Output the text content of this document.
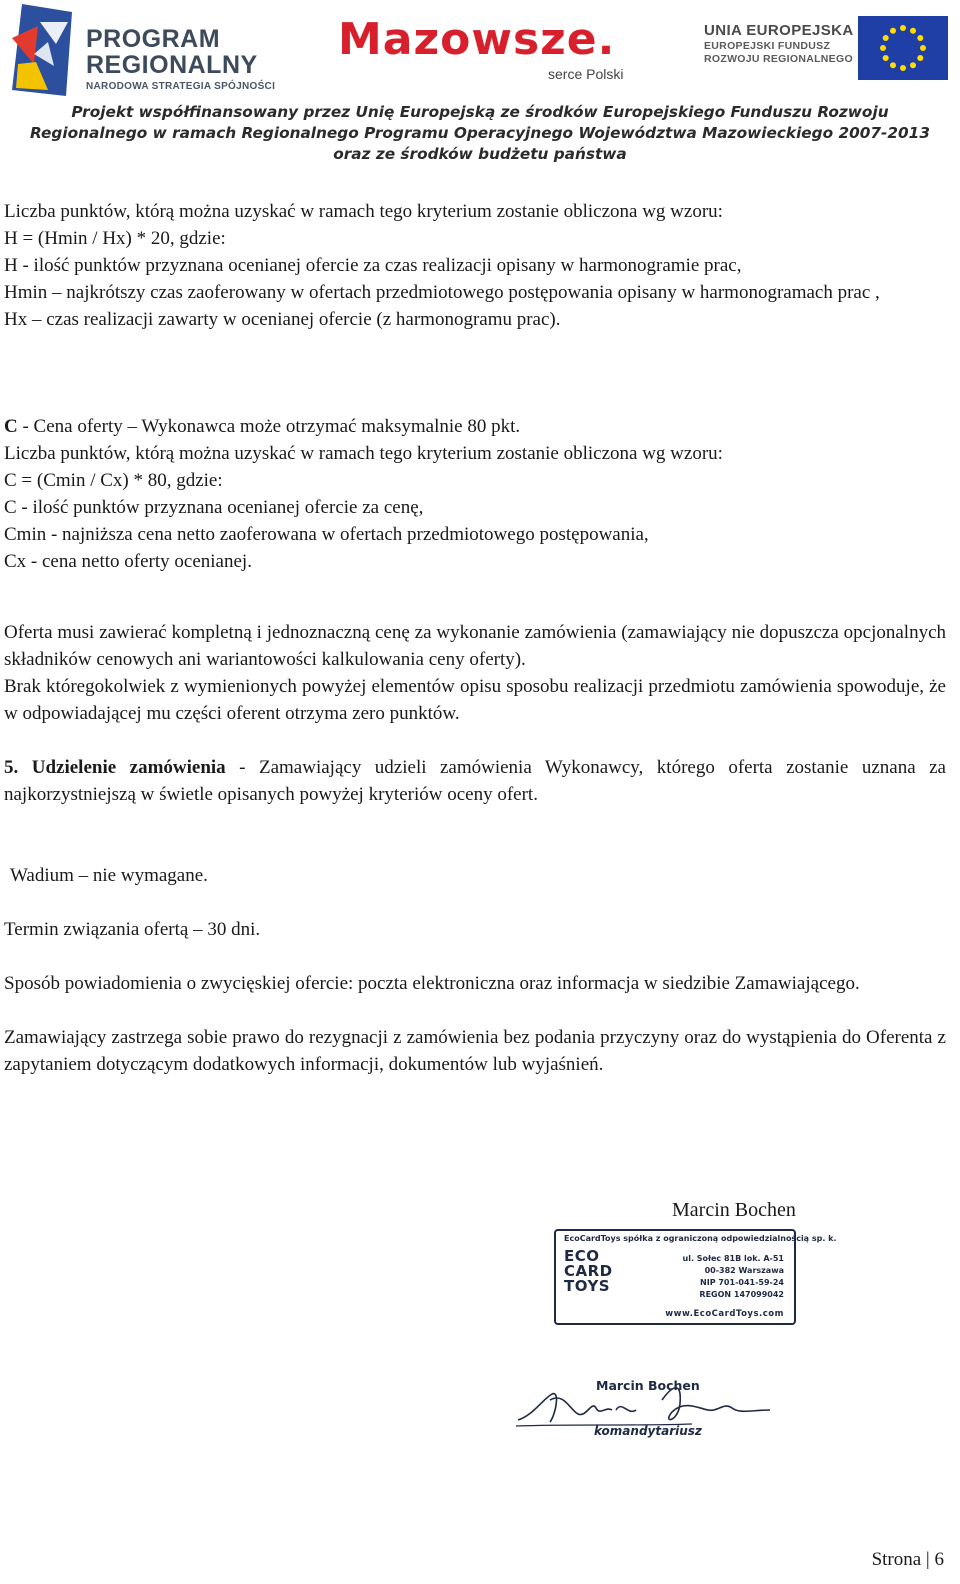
PROGRAM
REGIONALNY
NARODOWA STRATEGIA SPÓJNOŚCI
Mazowsze.
serce Polski
UNIA EUROPEJSKA
EUROPEJSKI FUNDUSZ
ROZWOJU REGIONALNEGO
Projekt współfinansowany przez Unię Europejską ze środków Europejskiego Funduszu Rozwoju
Regionalnego w ramach Regionalnego Programu Operacyjnego Województwa Mazowieckiego 2007-2013
oraz ze środków budżetu państwa

Liczba punktów, którą można uzyskać w ramach tego kryterium zostanie obliczona wg wzoru:

H = (Hmin / Hx) * 20, gdzie:

H - ilość punktów przyznana ocenianej ofercie za czas realizacji opisany w harmonogramie prac,

Hmin – najkrótszy czas zaoferowany w ofertach przedmiotowego postępowania opisany w harmonogramach prac ,

Hx – czas realizacji zawarty w ocenianej ofercie (z harmonogramu prac).

C - Cena oferty – Wykonawca może otrzymać maksymalnie 80 pkt.

Liczba punktów, którą można uzyskać w ramach tego kryterium zostanie obliczona wg wzoru:

C = (Cmin / Cx) * 80, gdzie:

C - ilość punktów przyznana ocenianej ofercie za cenę,

Cmin - najniższa cena netto zaoferowana w ofertach przedmiotowego postępowania,

Cx - cena netto oferty ocenianej.

Oferta musi zawierać kompletną i jednoznaczną cenę za wykonanie zamówienia (zamawiający nie dopuszcza opcjonalnych składników cenowych ani wariantowości kalkulowania ceny oferty).

Brak któregokolwiek z wymienionych powyżej elementów opisu sposobu realizacji przedmiotu zamówienia spowoduje, że w odpowiadającej mu części oferent otrzyma zero punktów.

5. Udzielenie zamówienia - Zamawiający udzieli zamówienia Wykonawcy, którego oferta zostanie uznana za najkorzystniejszą w świetle opisanych powyżej kryteriów oceny ofert.

Wadium – nie wymagane.

Termin związania ofertą – 30 dni.

Sposób powiadomienia o zwycięskiej ofercie: poczta elektroniczna oraz informacja w siedzibie Zamawiającego.

Zamawiający zastrzega sobie prawo do rezygnacji z zamówienia bez podania przyczyny oraz do wystąpienia do Oferenta z zapytaniem dotyczącym dodatkowych informacji, dokumentów lub wyjaśnień.

Marcin Bochen
EcoCardToys spółka z ograniczoną odpowiedzialnością sp. k.
ECO
CARD
TOYS
ul. Sołec 81B lok. A-51
00-382 Warszawa
NIP 701-041-59-24
REGON 147099042
www.EcoCardToys.com
Marcin Bochen
komandytariusz
Strona | 6
